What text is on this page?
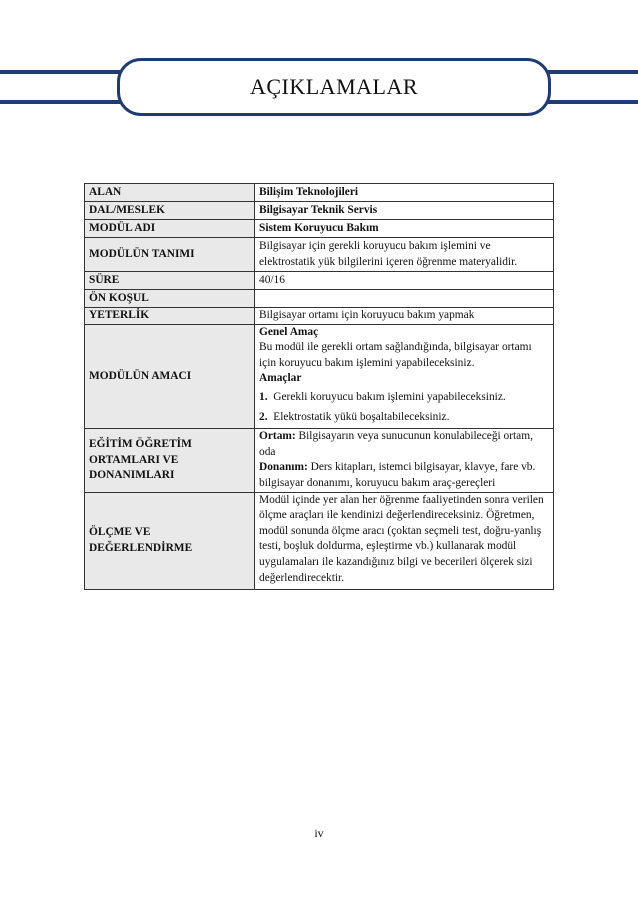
AÇIKLAMALAR
ALAN	Bilişim Teknolojileri
DAL/MESLEK	Bilgisayar Teknik Servis
MODÜL ADI	Sistem Koruyucu Bakım
MODÜLÜN TANIMI	Bilgisayar için gerekli koruyucu bakım işlemini ve elektrostatik yük bilgilerini içeren öğrenme materyalidir.
SÜRE	40/16
ÖN KOŞUL	
YETERLİK	Bilgisayar ortamı için koruyucu bakım yapmak
MODÜLÜN AMACI	Genel Amaç
Bu modül ile gerekli ortam sağlandığında, bilgisayar ortamı için koruyucu bakım işlemini yapabileceksiniz.
Amaçlar
1. Gerekli koruyucu bakım işlemini yapabileceksiniz.
2. Elektrostatik yükü boşaltabileceksiniz.

EĞİTİM ÖĞRETİM ORTAMLARI VE DONANIMLARI	Ortam: Bilgisayarın veya sunucunun konulabileceği ortam, oda
Donanım: Ders kitapları, istemci bilgisayar, klavye, fare vb. bilgisayar donanımı, koruyucu bakım araç-gereçleri

ÖLÇME VE DEĞERLENDİRME	Modül içinde yer alan her öğrenme faaliyetinden sonra verilen ölçme araçları ile kendinizi değerlendireceksiniz. Öğretmen, modül sonunda ölçme aracı (çoktan seçmeli test, doğru-yanlış testi, boşluk doldurma, eşleştirme vb.) kullanarak modül uygulamaları ile kazandığınız bilgi ve becerileri ölçerek sizi değerlendirecektir.
iv
